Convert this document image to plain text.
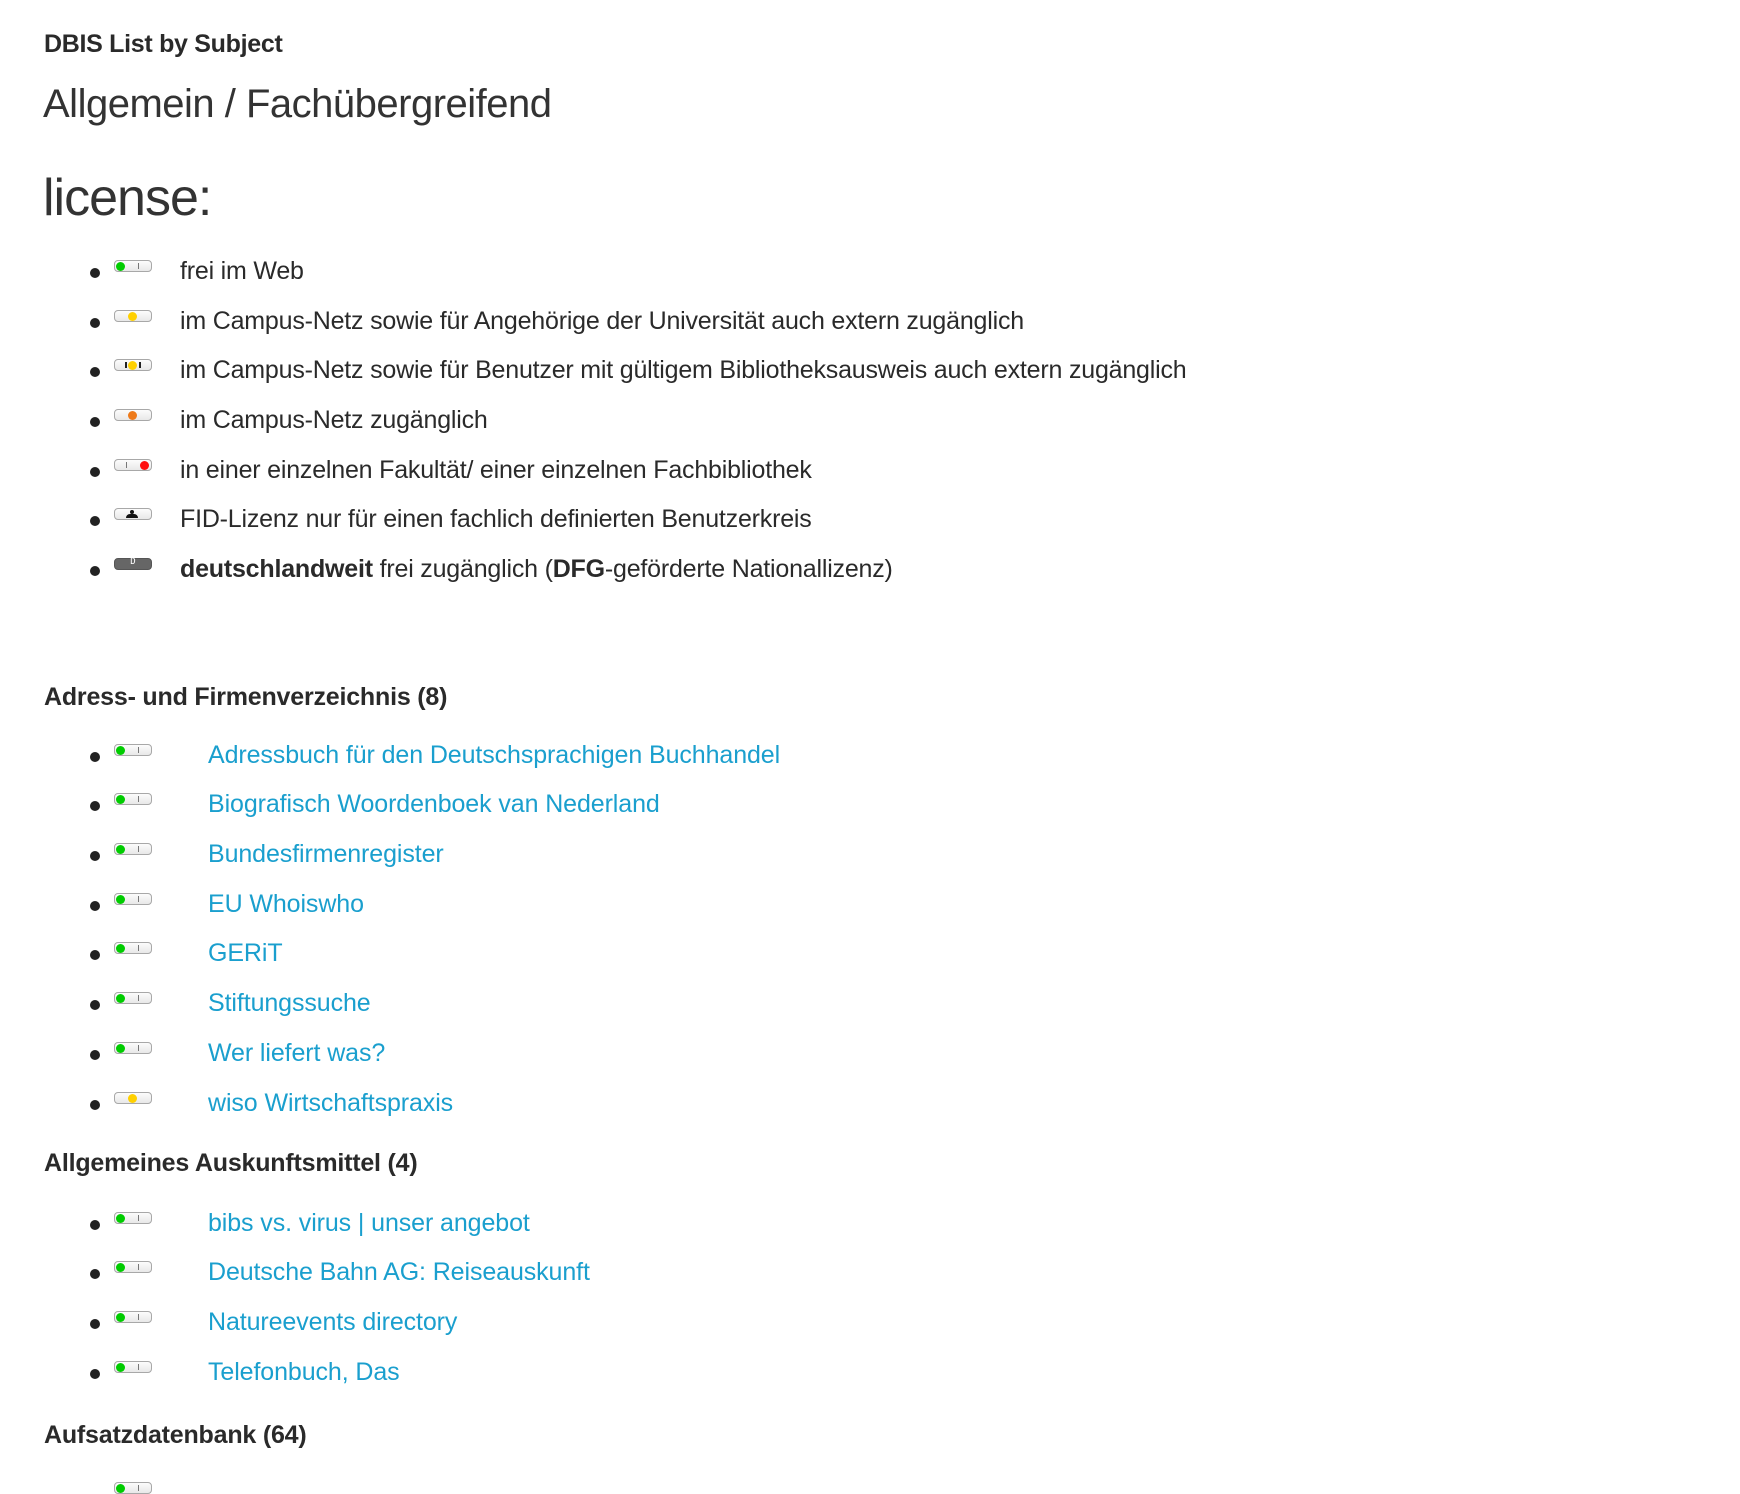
DBIS List by Subject
Allgemein / Fachübergreifend
license:
frei im Web
im Campus-Netz sowie für Angehörige der Universität auch extern zugänglich
im Campus-Netz sowie für Benutzer mit gültigem Bibliotheksausweis auch extern zugänglich
im Campus-Netz zugänglich
in einer einzelnen Fakultät/ einer einzelnen Fachbibliothek
FID-Lizenz nur für einen fachlich definierten Benutzerkreis
D	deutschlandweit frei zugänglich (DFG-geförderte Nationallizenz)
Adress- und Firmenverzeichnis (8)
Adressbuch für den Deutschsprachigen Buchhandel
Biografisch Woordenboek van Nederland
Bundesfirmenregister
EU Whoiswho
GERiT
Stiftungssuche
Wer liefert was?
wiso Wirtschaftspraxis
Allgemeines Auskunftsmittel (4)
bibs vs. virus | unser angebot
Deutsche Bahn AG: Reiseauskunft
Natureevents directory
Telefonbuch, Das
Aufsatzdatenbank (64)
